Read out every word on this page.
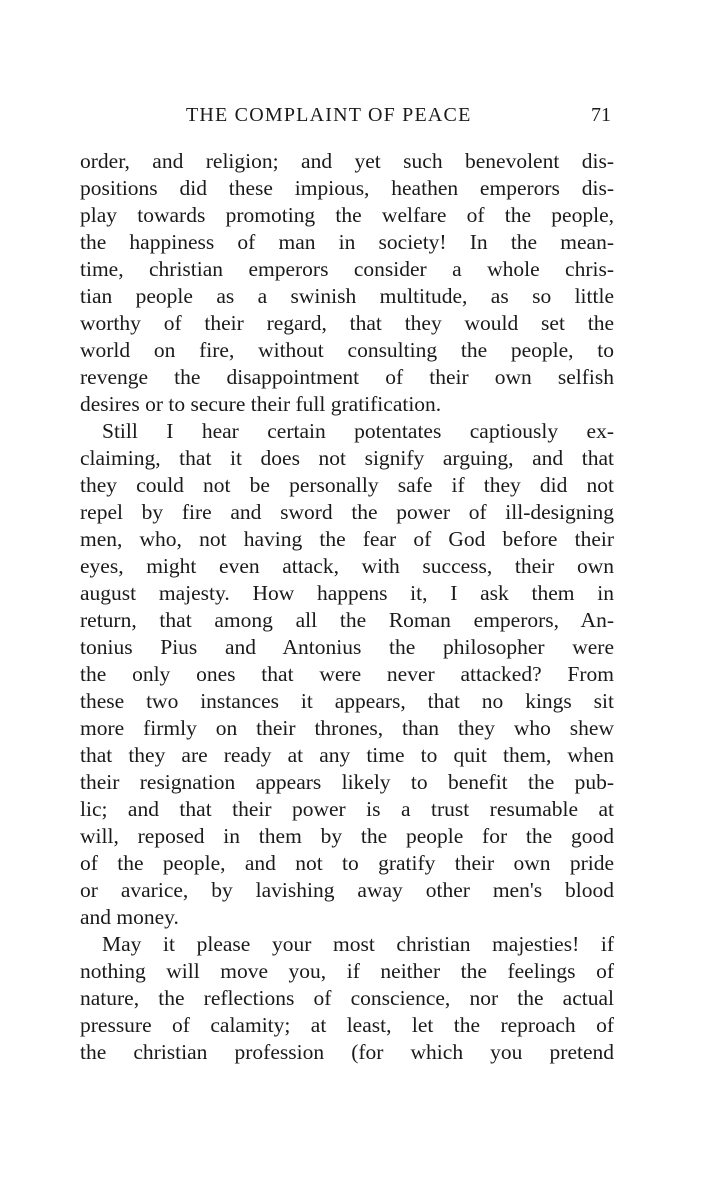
THE COMPLAINT OF PEACE	71
order, and religion; and yet such benevolent dis-
positions did these impious, heathen emperors dis-
play towards promoting the welfare of the people,
the happiness of man in society! In the mean-
time, christian emperors consider a whole chris-
tian people as a swinish multitude, as so little
worthy of their regard, that they would set the
world on fire, without consulting the people, to
revenge the disappointment of their own selfish
desires or to secure their full gratification.
Still I hear certain potentates captiously ex-
claiming, that it does not signify arguing, and that
they could not be personally safe if they did not
repel by fire and sword the power of ill-designing
men, who, not having the fear of God before their
eyes, might even attack, with success, their own
august majesty. How happens it, I ask them in
return, that among all the Roman emperors, An-
tonius Pius and Antonius the philosopher were
the only ones that were never attacked? From
these two instances it appears, that no kings sit
more firmly on their thrones, than they who shew
that they are ready at any time to quit them, when
their resignation appears likely to benefit the pub-
lic; and that their power is a trust resumable at
will, reposed in them by the people for the good
of the people, and not to gratify their own pride
or avarice, by lavishing away other men's blood
and money.
May it please your most christian majesties! if
nothing will move you, if neither the feelings of
nature, the reflections of conscience, nor the actual
pressure of calamity; at least, let the reproach of
the christian profession (for which you pretend
